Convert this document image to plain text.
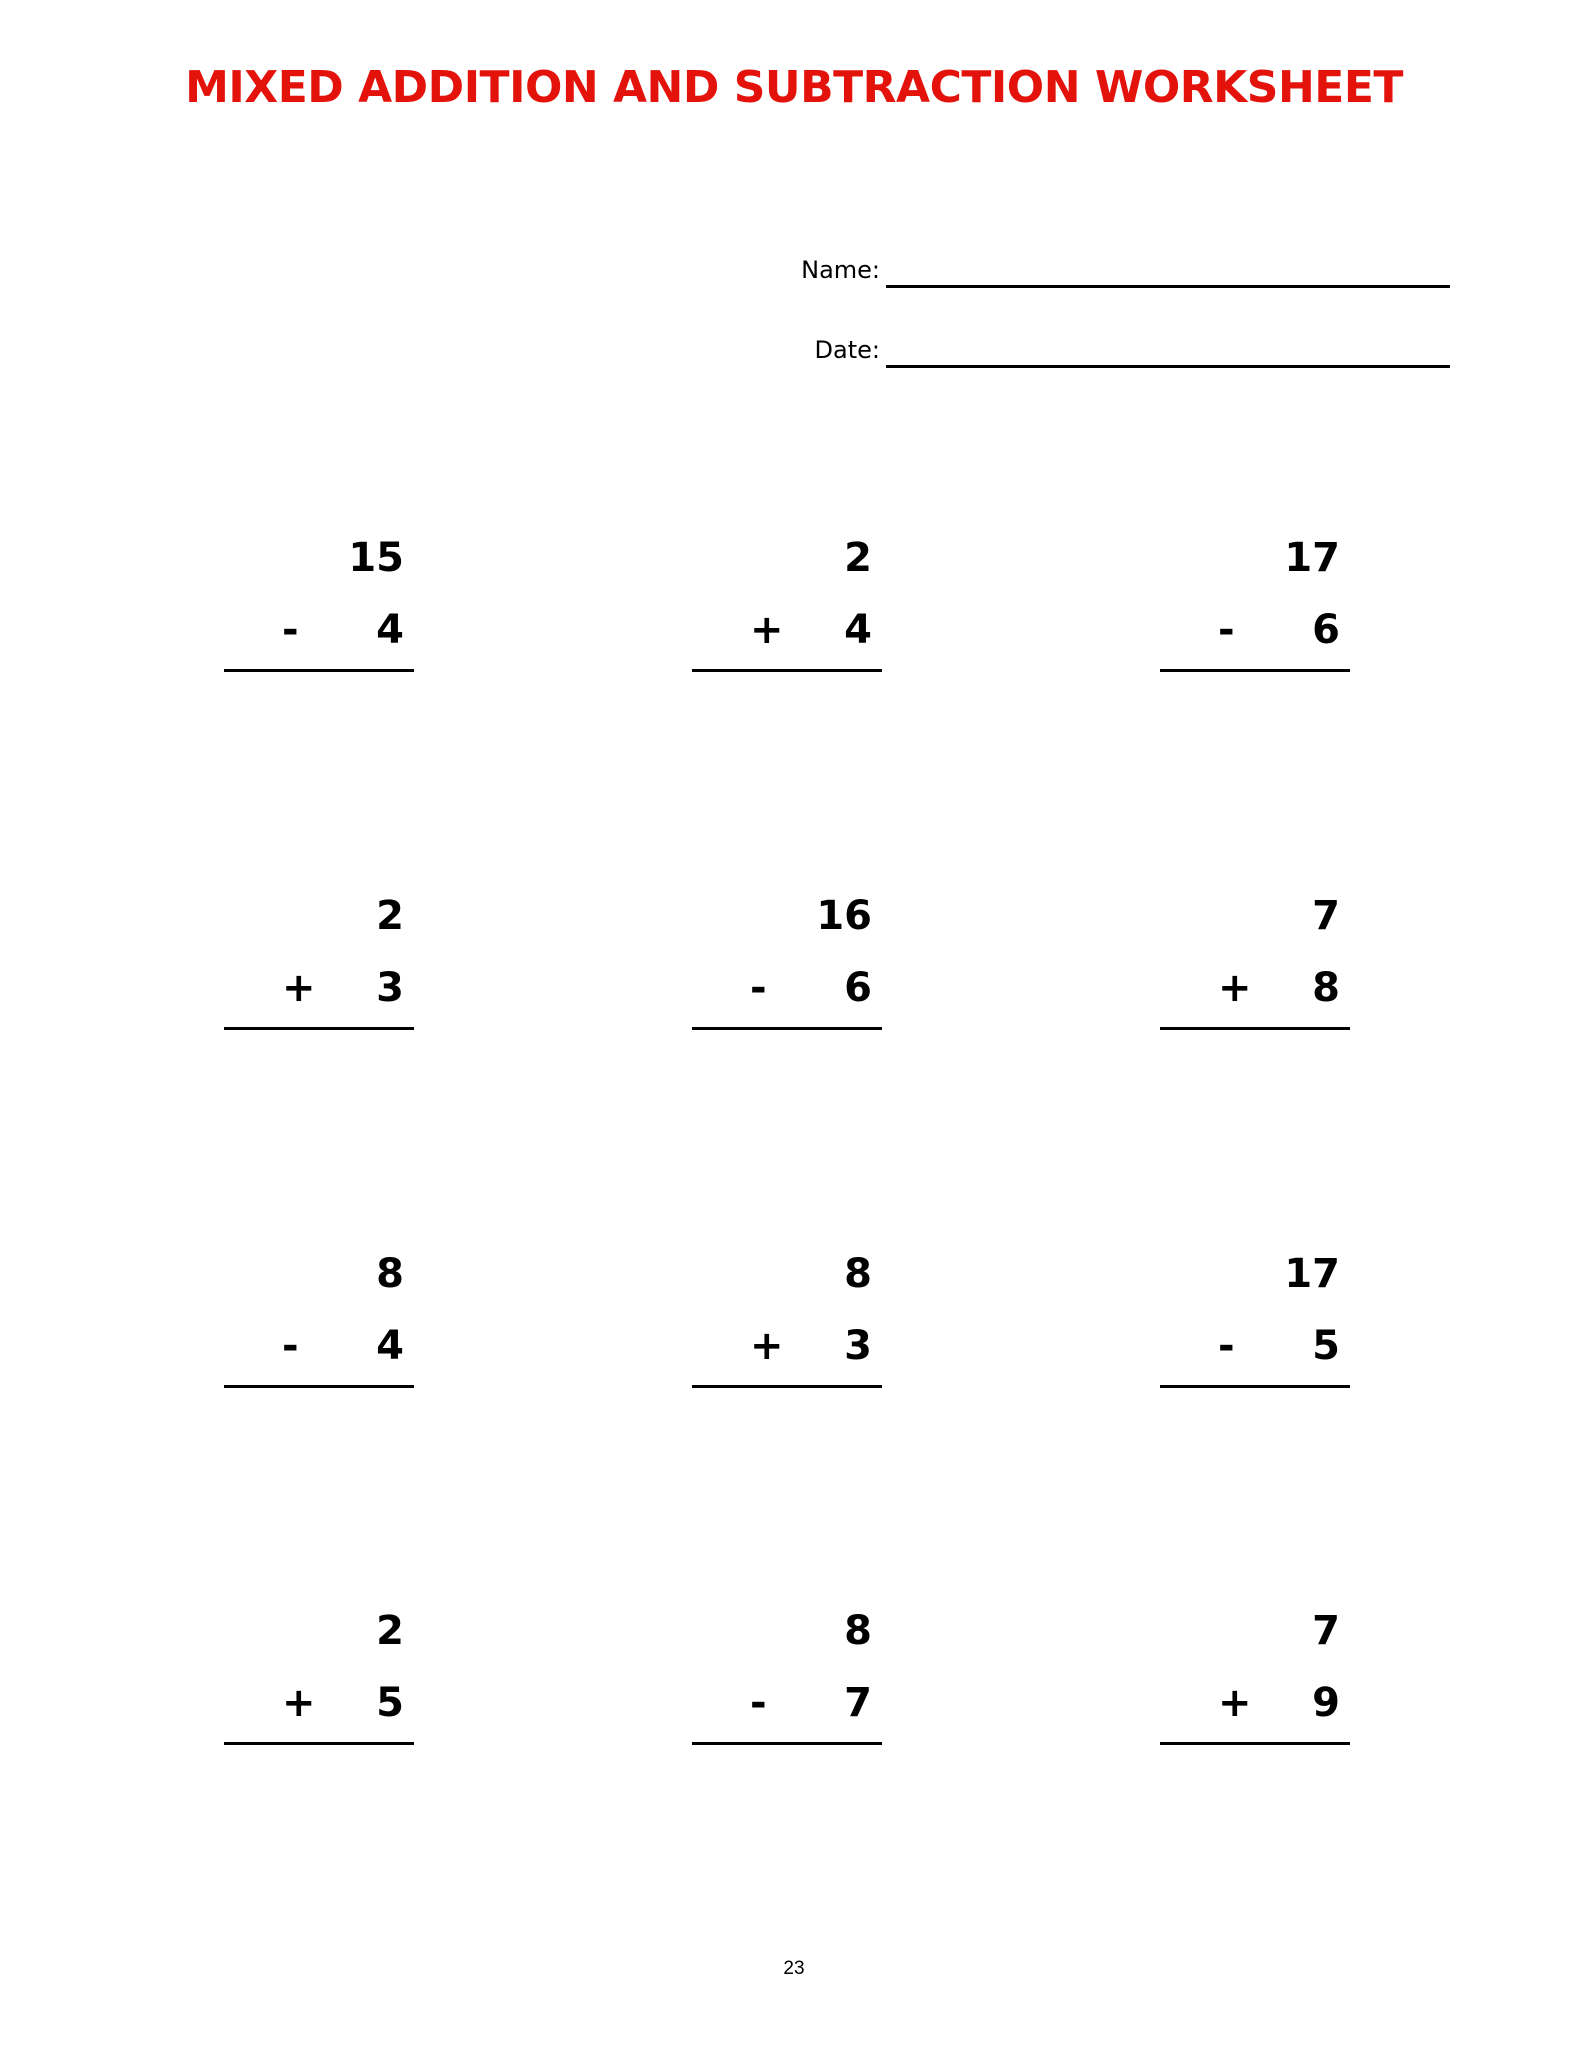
MIXED ADDITION AND SUBTRACTION WORKSHEET
Name:
Date:
15
- 4
2
+ 4
17
- 6
2
+ 3
16
- 6
7
+ 8
8
- 4
8
+ 3
17
- 5
2
+ 5
8
- 7
7
+ 9
23
